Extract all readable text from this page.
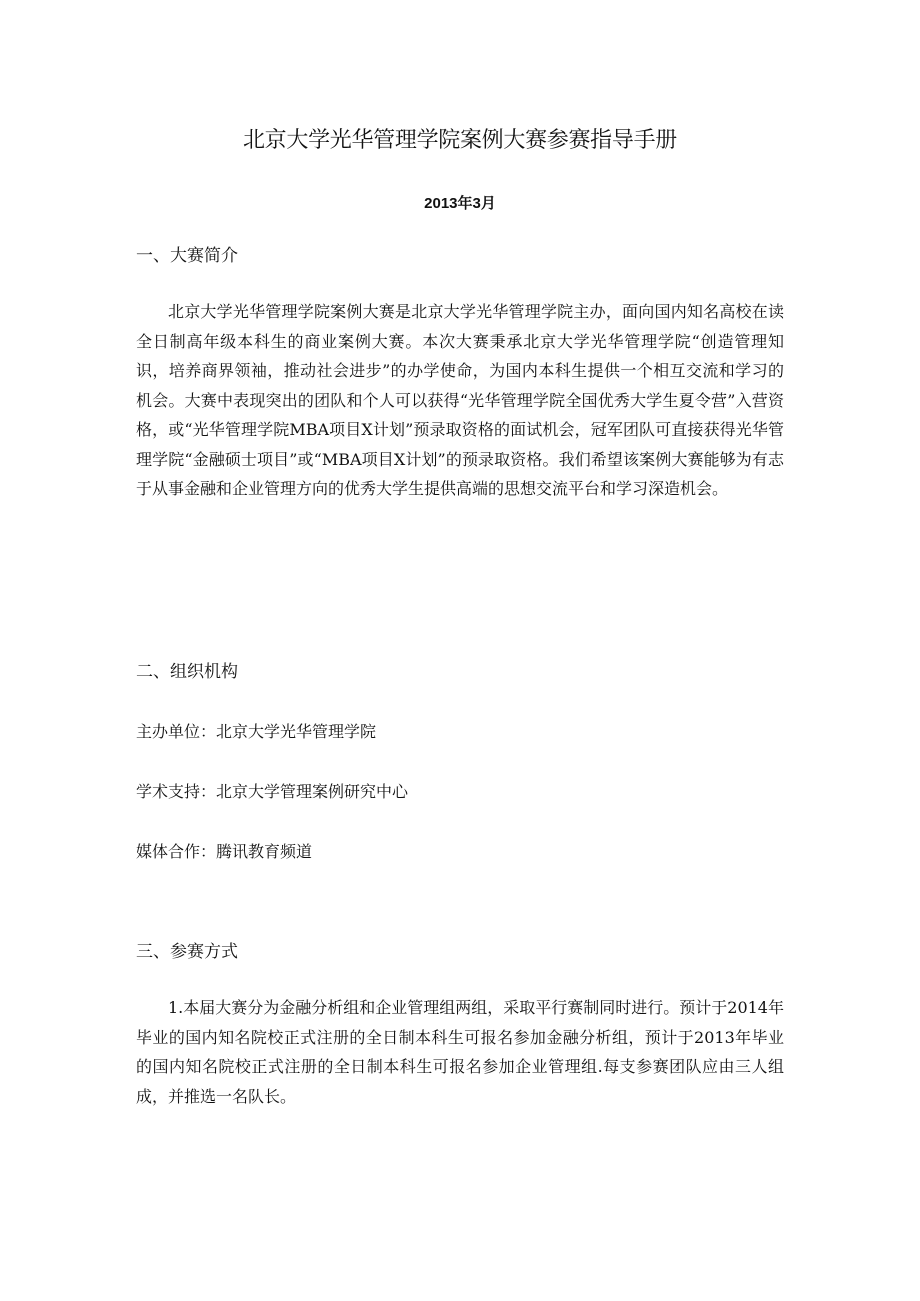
北京大学光华管理学院案例大赛参赛指导手册
2013年3月
一、大赛简介
北京大学光华管理学院案例大赛是北京大学光华管理学院主办，面向国内知名高校在读全日制高年级本科生的商业案例大赛。本次大赛秉承北京大学光华管理学院“创造管理知识，培养商界领袖，推动社会进步”的办学使命，为国内本科生提供一个相互交流和学习的机会。大赛中表现突出的团队和个人可以获得“光华管理学院全国优秀大学生夏令营”入营资格，或“光华管理学院MBA项目X计划”预录取资格的面试机会，冠军团队可直接获得光华管理学院“金融硕士项目”或“MBA项目X计划”的预录取资格。我们希望该案例大赛能够为有志于从事金融和企业管理方向的优秀大学生提供高端的思想交流平台和学习深造机会。
二、组织机构
主办单位：北京大学光华管理学院
学术支持：北京大学管理案例研究中心
媒体合作：腾讯教育频道
三、参赛方式
1.本届大赛分为金融分析组和企业管理组两组，采取平行赛制同时进行。预计于2014年毕业的国内知名院校正式注册的全日制本科生可报名参加金融分析组，预计于2013年毕业的国内知名院校正式注册的全日制本科生可报名参加企业管理组.每支参赛团队应由三人组成，并推选一名队长。
